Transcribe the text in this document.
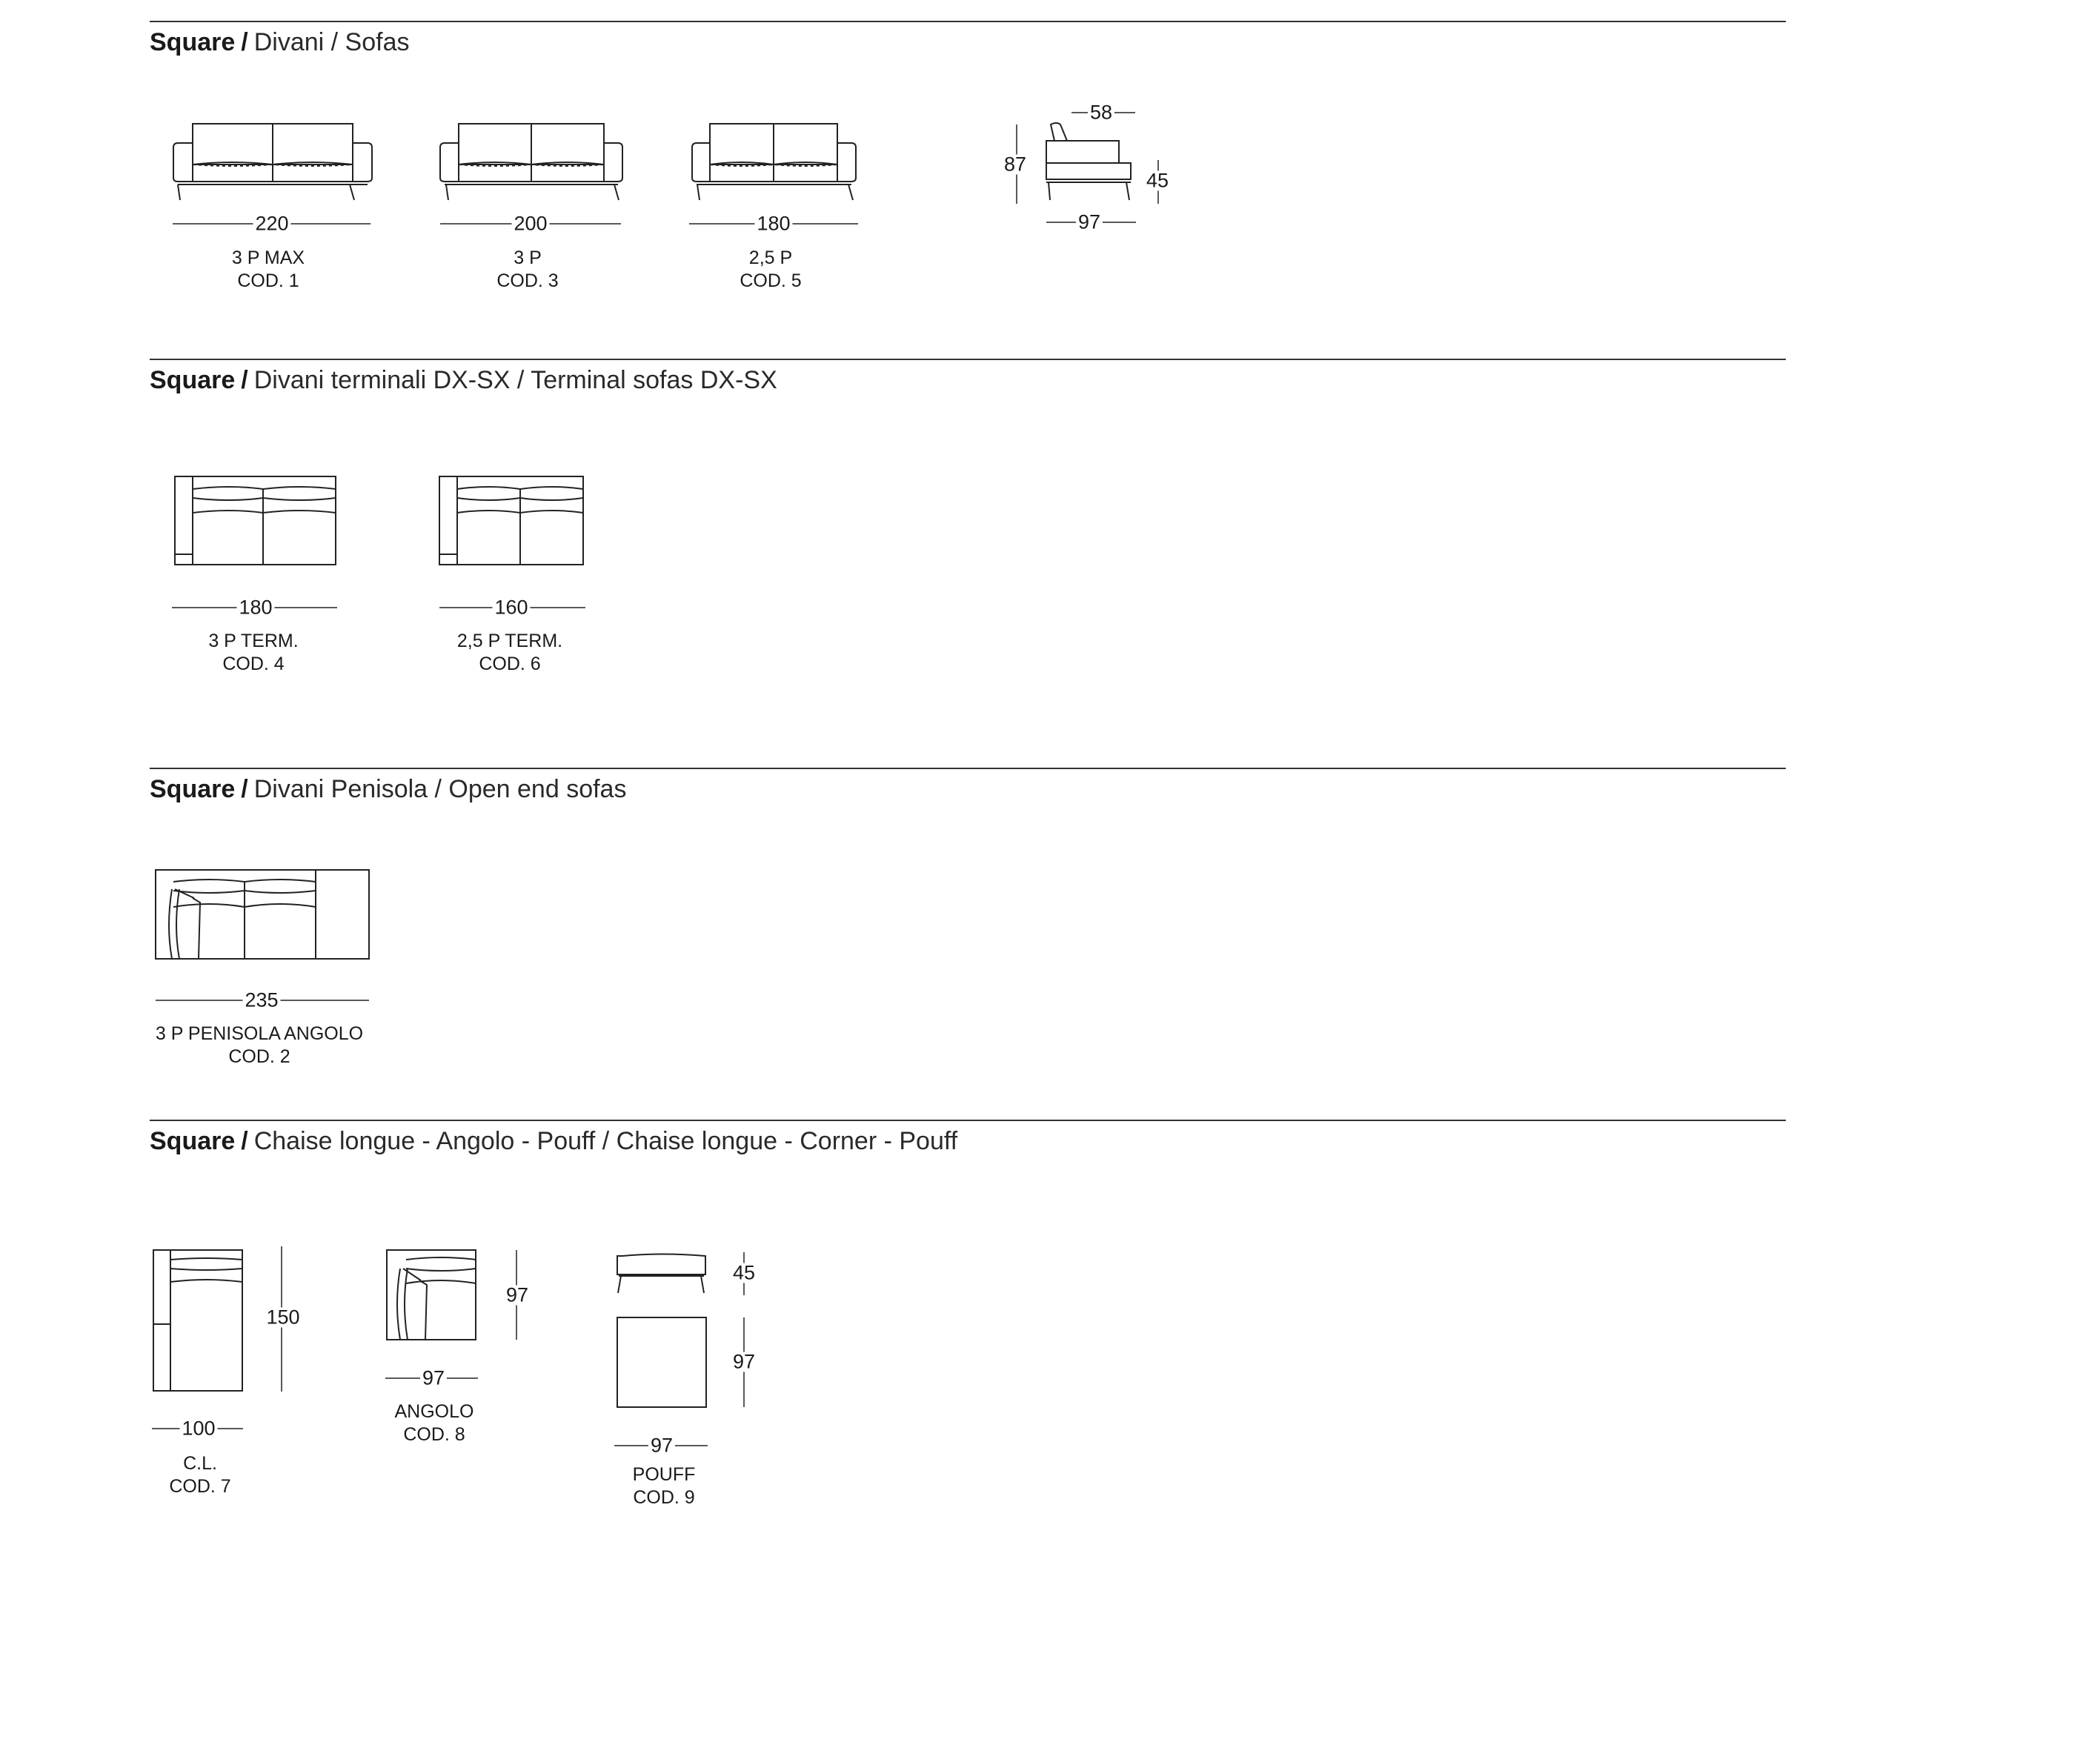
Square / Divani / Sofas
Square / Divani terminali DX-SX / Terminal sofas DX-SX
Square / Divani Penisola / Open end sofas
Square / Chaise longue - Angolo - Pouff / Chaise longue - Corner - Pouff
220	200	180
3 P MAX
COD. 1
3 P
COD. 3
2,5 P
COD. 5
58
87
45
97
180	160
3 P TERM.
COD. 4
2,5 P TERM.
COD. 6
235
3 P PENISOLA ANGOLO
COD. 2
150
100
C.L.
COD. 7
97
97
ANGOLO
COD. 8
45
97
97
POUFF
COD. 9
